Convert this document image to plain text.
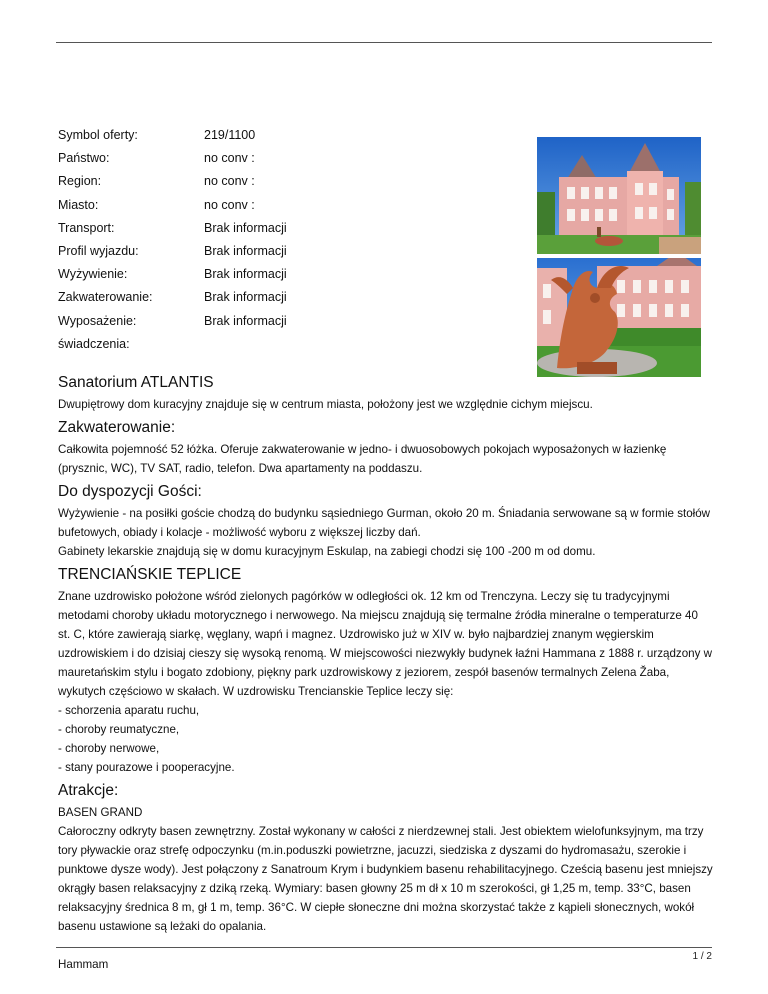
Symbol oferty:	219/1100
Państwo:	no conv :
Region:	no conv :
Miasto:	no conv :
Transport:	Brak informacji
Profil wyjazdu:	Brak informacji
Wyżywienie:	Brak informacji
Zakwaterowanie:	Brak informacji
Wyposażenie:	Brak informacji
świadczenia:	
Sanatorium ATLANTIS

Dwupiętrowy dom kuracyjny znajduje się w centrum miasta, położony jest we względnie cichym miejscu.

Zakwaterowanie:

Całkowita pojemność 52 łóżka. Oferuje zakwaterowanie w jedno- i dwuosobowych pokojach wyposażonych w łazienkę (prysznic, WC), TV SAT, radio, telefon. Dwa apartamenty na poddaszu.

Do dyspozycji Gości:

Wyżywienie - na posiłki goście chodzą do budynku sąsiedniego Gurman, około 20 m. Śniadania serwowane są w formie stołów bufetowych, obiady i kolacje - możliwość wyboru z większej liczby dań.

Gabinety lekarskie znajdują się w domu kuracyjnym Eskulap, na zabiegi chodzi się 100 -200 m od domu.

TRENCIAŃSKIE TEPLICE

Znane uzdrowisko położone wśród zielonych pagórków w odległości ok. 12 km od Trenczyna. Leczy się tu tradycyjnymi metodami choroby układu motorycznego i nerwowego. Na miejscu znajdują się termalne źródła mineralne o temperaturze 40 st. C, które zawierają siarkę, węglany, wapń i magnez. Uzdrowisko już w XIV w. było najbardziej znanym węgierskim uzdrowiskiem i do dzisiaj cieszy się wysoką renomą. W miejscowości niezwykły budynek łaźni Hammana z 1888 r. urządzony w mauretańskim stylu i bogato zdobiony, piękny park uzdrowiskowy z jeziorem, zespół basenów termalnych Zelena Žaba, wykutych częściowo w skałach. W uzdrowisku Trencianskie Teplice leczy się:

- schorzenia aparatu ruchu,

- choroby reumatyczne,

- choroby nerwowe,

- stany pourazowe i pooperacyjne.

Atrakcje:

BASEN GRAND

Całoroczny odkryty basen zewnętrzny. Został wykonany w całości z nierdzewnej stali. Jest obiektem wielofunksyjnym, ma trzy tory pływackie oraz strefę odpoczynku (m.in.poduszki powietrzne, jacuzzi, siedziska z dyszami do hydromasażu, szerokie i punktowe dysze wody). Jest połączony z Sanatroum Krym i budynkiem basenu rehabilitacyjnego. Cześcią basenu jest mniejszy okrągły basen relaksacyjny z dziką rzeką. Wymiary: basen głowny 25 m dł x 10 m szerokości, gł 1,25 m, temp. 33°C, basen relaksacyjny średnica 8 m, gł 1 m, temp. 36°C. W ciepłe słoneczne dni można skorzystać także z kąpieli słonecznych, wokół basenu ustawione są leżaki do opalania.

Hammam

1 / 2
